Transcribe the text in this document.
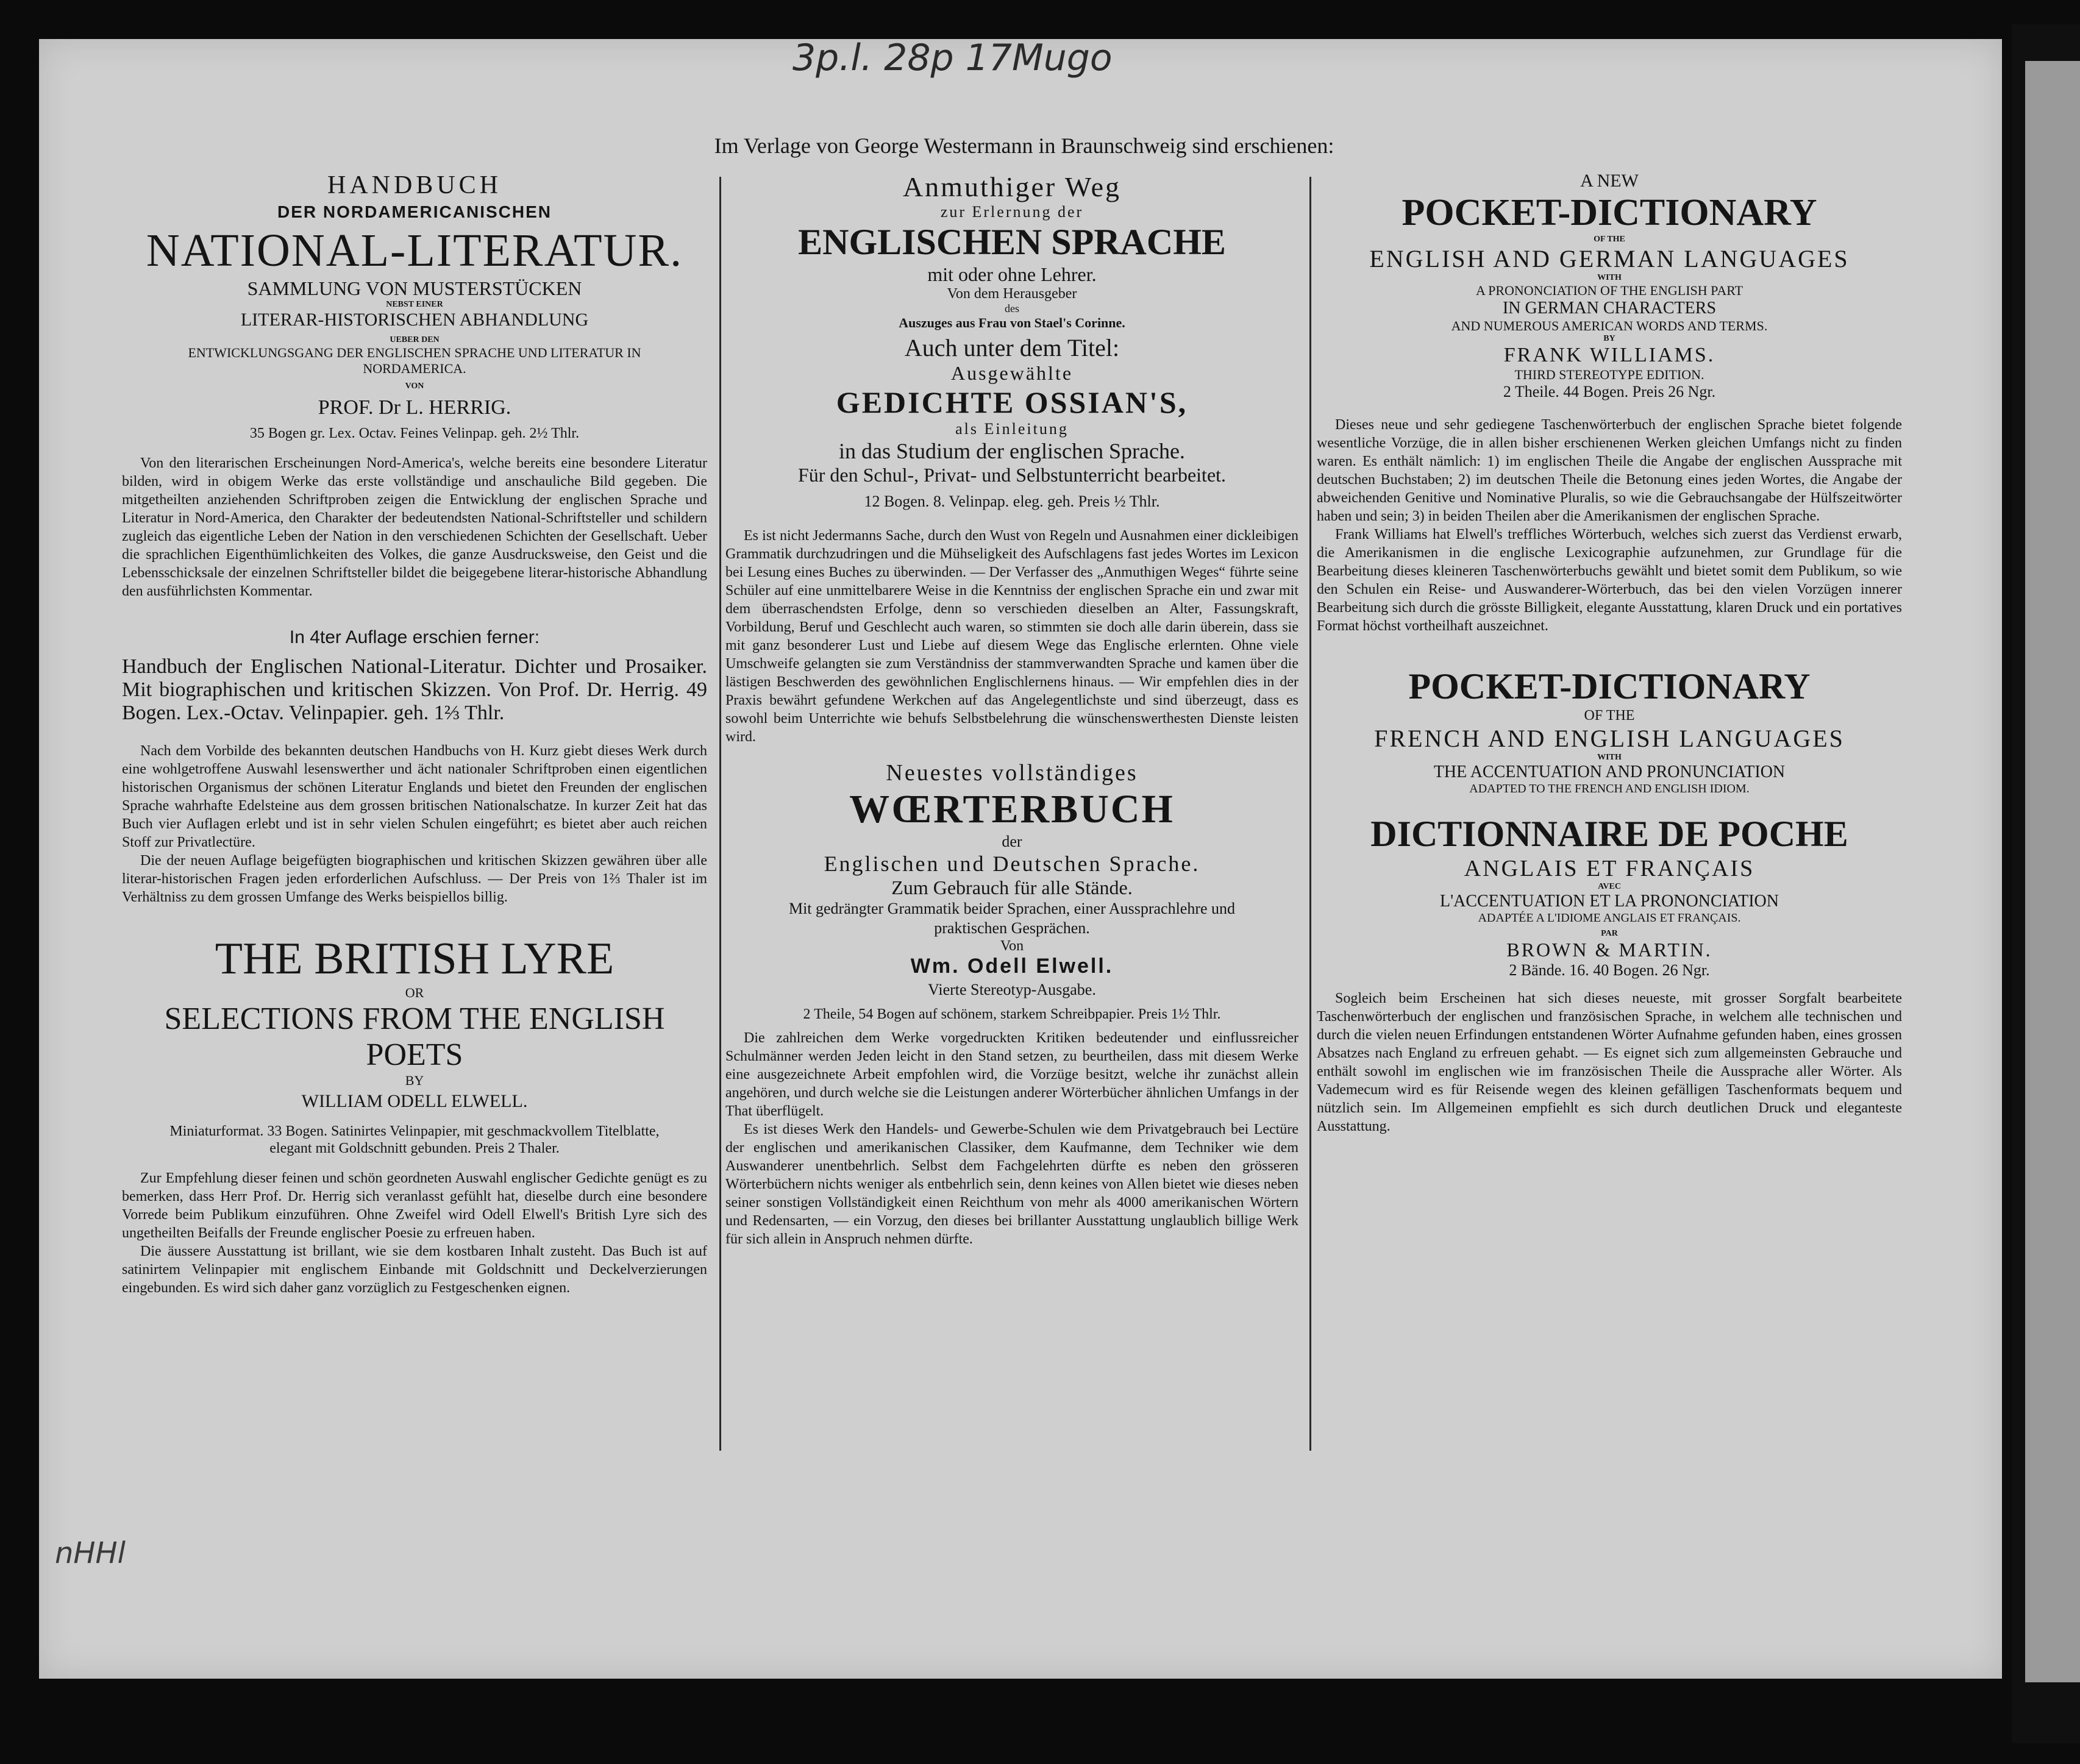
3p.l. 28p 17Mugo
nHHl
Im Verlage von George Westermann in Braunschweig sind erschienen:
HANDBUCH
DER NORDAMERICANISCHEN
NATIONAL-LITERATUR.
SAMMLUNG VON MUSTERSTÜCKEN
NEBST EINER
LITERAR-HISTORISCHEN ABHANDLUNG
UEBER DEN
ENTWICKLUNGSGANG DER ENGLISCHEN SPRACHE UND LITERATUR IN NORDAMERICA.
VON
PROF. Dr L. HERRIG.
35 Bogen gr. Lex. Octav. Feines Velinpap. geh. 2½ Thlr.
Von den literarischen Erscheinungen Nord-America's, welche bereits eine besondere Literatur bilden, wird in obigem Werke das erste vollständige und anschauliche Bild gegeben. Die mitgetheilten anziehenden Schriftproben zeigen die Entwicklung der englischen Sprache und Literatur in Nord-America, den Charakter der bedeutendsten National-Schriftsteller und schildern zugleich das eigentliche Leben der Nation in den verschiedenen Schichten der Gesellschaft. Ueber die sprachlichen Eigenthümlichkeiten des Volkes, die ganze Ausdrucksweise, den Geist und die Lebensschicksale der einzelnen Schriftsteller bildet die beigegebene literar-historische Abhandlung den ausführlichsten Kommentar.
In 4ter Auflage erschien ferner:
Handbuch der Englischen National-Literatur. Dichter und Prosaiker. Mit biographischen und kritischen Skizzen. Von Prof. Dr. Herrig. 49 Bogen. Lex.-Octav. Velinpapier. geh. 1⅔ Thlr.
Nach dem Vorbilde des bekannten deutschen Handbuchs von H. Kurz giebt dieses Werk durch eine wohlgetroffene Auswahl lesenswerther und ächt nationaler Schriftproben einen eigentlichen historischen Organismus der schönen Literatur Englands und bietet den Freunden der englischen Sprache wahrhafte Edelsteine aus dem grossen britischen Nationalschatze. In kurzer Zeit hat das Buch vier Auflagen erlebt und ist in sehr vielen Schulen eingeführt; es bietet aber auch reichen Stoff zur Privatlectüre.
Die der neuen Auflage beigefügten biographischen und kritischen Skizzen gewähren über alle literar-historischen Fragen jeden erforderlichen Aufschluss. — Der Preis von 1⅔ Thaler ist im Verhältniss zu dem grossen Umfange des Werks beispiellos billig.
THE BRITISH LYRE
OR
SELECTIONS FROM THE ENGLISH POETS
BY
WILLIAM ODELL ELWELL.
Miniaturformat. 33 Bogen. Satinirtes Velinpapier, mit geschmackvollem Titelblatte, elegant mit Goldschnitt gebunden. Preis 2 Thaler.
Zur Empfehlung dieser feinen und schön geordneten Auswahl englischer Gedichte genügt es zu bemerken, dass Herr Prof. Dr. Herrig sich veranlasst gefühlt hat, dieselbe durch eine besondere Vorrede beim Publikum einzuführen. Ohne Zweifel wird Odell Elwell's British Lyre sich des ungetheilten Beifalls der Freunde englischer Poesie zu erfreuen haben.
Die äussere Ausstattung ist brillant, wie sie dem kostbaren Inhalt zusteht. Das Buch ist auf satinirtem Velinpapier mit englischem Einbande mit Goldschnitt und Deckelverzierungen eingebunden. Es wird sich daher ganz vorzüglich zu Festgeschenken eignen.
Anmuthiger Weg
zur Erlernung der
ENGLISCHEN SPRACHE
mit oder ohne Lehrer.
Von dem Herausgeber
des
Auszuges aus Frau von Stael's Corinne.
Auch unter dem Titel:
Ausgewählte
GEDICHTE OSSIAN'S,
als Einleitung
in das Studium der englischen Sprache.
Für den Schul-, Privat- und Selbstunterricht bearbeitet.
12 Bogen. 8. Velinpap. eleg. geh. Preis ½ Thlr.
Es ist nicht Jedermanns Sache, durch den Wust von Regeln und Ausnahmen einer dickleibigen Grammatik durchzudringen und die Mühseligkeit des Aufschlagens fast jedes Wortes im Lexicon bei Lesung eines Buches zu überwinden. — Der Verfasser des „Anmuthigen Weges“ führte seine Schüler auf eine unmittelbarere Weise in die Kenntniss der englischen Sprache ein und zwar mit dem überraschendsten Erfolge, denn so verschieden dieselben an Alter, Fassungskraft, Vorbildung, Beruf und Geschlecht auch waren, so stimmten sie doch alle darin überein, dass sie mit ganz besonderer Lust und Liebe auf diesem Wege das Englische erlernten. Ohne viele Umschweife gelangten sie zum Verständniss der stammverwandten Sprache und kamen über die lästigen Beschwerden des gewöhnlichen Englischlernens hinaus. — Wir empfehlen dies in der Praxis bewährt gefundene Werkchen auf das Angelegentlichste und sind überzeugt, dass es sowohl beim Unterrichte wie behufs Selbstbelehrung die wünschenswerthesten Dienste leisten wird.
Neuestes vollständiges
WŒRTERBUCH
der
Englischen und Deutschen Sprache.
Zum Gebrauch für alle Stände.
Mit gedrängter Grammatik beider Sprachen, einer Aussprachlehre und praktischen Gesprächen.
Von
Wm. Odell Elwell.
Vierte Stereotyp-Ausgabe.
2 Theile, 54 Bogen auf schönem, starkem Schreibpapier. Preis 1½ Thlr.
Die zahlreichen dem Werke vorgedruckten Kritiken bedeutender und einflussreicher Schulmänner werden Jeden leicht in den Stand setzen, zu beurtheilen, dass mit diesem Werke eine ausgezeichnete Arbeit empfohlen wird, die Vorzüge besitzt, welche ihr zunächst allein angehören, und durch welche sie die Leistungen anderer Wörterbücher ähnlichen Umfangs in der That überflügelt.
Es ist dieses Werk den Handels- und Gewerbe-Schulen wie dem Privatgebrauch bei Lectüre der englischen und amerikanischen Classiker, dem Kaufmanne, dem Techniker wie dem Auswanderer unentbehrlich. Selbst dem Fachgelehrten dürfte es neben den grösseren Wörterbüchern nichts weniger als entbehrlich sein, denn keines von Allen bietet wie dieses neben seiner sonstigen Vollständigkeit einen Reichthum von mehr als 4000 amerikanischen Wörtern und Redensarten, — ein Vorzug, den dieses bei brillanter Ausstattung unglaublich billige Werk für sich allein in Anspruch nehmen dürfte.
A NEW
POCKET-DICTIONARY
OF THE
ENGLISH AND GERMAN LANGUAGES
WITH
A PRONONCIATION OF THE ENGLISH PART
IN GERMAN CHARACTERS
AND NUMEROUS AMERICAN WORDS AND TERMS.
BY
FRANK WILLIAMS.
THIRD STEREOTYPE EDITION.
2 Theile. 44 Bogen. Preis 26 Ngr.
Dieses neue und sehr gediegene Taschenwörterbuch der englischen Sprache bietet folgende wesentliche Vorzüge, die in allen bisher erschienenen Werken gleichen Umfangs nicht zu finden waren. Es enthält nämlich: 1) im englischen Theile die Angabe der englischen Aussprache mit deutschen Buchstaben; 2) im deutschen Theile die Betonung eines jeden Wortes, die Angabe der abweichenden Genitive und Nominative Pluralis, so wie die Gebrauchsangabe der Hülfszeitwörter haben und sein; 3) in beiden Theilen aber die Amerikanismen der englischen Sprache.
Frank Williams hat Elwell's treffliches Wörterbuch, welches sich zuerst das Verdienst erwarb, die Amerikanismen in die englische Lexicographie aufzunehmen, zur Grundlage für die Bearbeitung dieses kleineren Taschenwörterbuchs gewählt und bietet somit dem Publikum, so wie den Schulen ein Reise- und Auswanderer-Wörterbuch, das bei den vielen Vorzügen innerer Bearbeitung sich durch die grösste Billigkeit, elegante Ausstattung, klaren Druck und ein portatives Format höchst vortheilhaft auszeichnet.
POCKET-DICTIONARY
OF THE
FRENCH AND ENGLISH LANGUAGES
WITH
THE ACCENTUATION AND PRONUNCIATION
ADAPTED TO THE FRENCH AND ENGLISH IDIOM.
DICTIONNAIRE DE POCHE
ANGLAIS ET FRANÇAIS
AVEC
L'ACCENTUATION ET LA PRONONCIATION
ADAPTÉE A L'IDIOME ANGLAIS ET FRANÇAIS.
PAR
BROWN & MARTIN.
2 Bände. 16. 40 Bogen. 26 Ngr.
Sogleich beim Erscheinen hat sich dieses neueste, mit grosser Sorgfalt bearbeitete Taschenwörterbuch der englischen und französischen Sprache, in welchem alle technischen und durch die vielen neuen Erfindungen entstandenen Wörter Aufnahme gefunden haben, eines grossen Absatzes nach England zu erfreuen gehabt. — Es eignet sich zum allgemeinsten Gebrauche und enthält sowohl im englischen wie im französischen Theile die Aussprache aller Wörter. Als Vademecum wird es für Reisende wegen des kleinen gefälligen Taschenformats bequem und nützlich sein. Im Allgemeinen empfiehlt es sich durch deutlichen Druck und eleganteste Ausstattung.
